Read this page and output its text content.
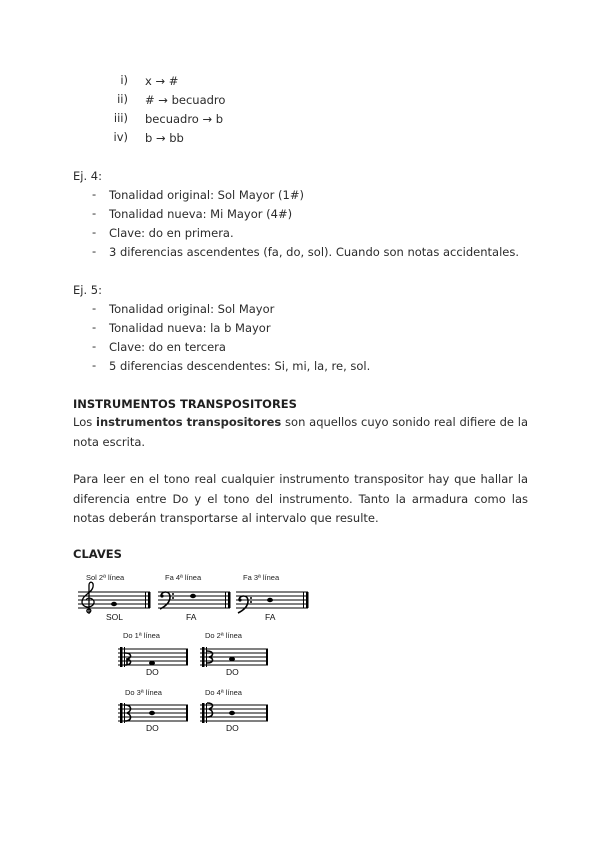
i) x → #
ii) # → becuadro
iii) becuadro → b
iv) b → bb
Ej. 4:
- Tonalidad original: Sol Mayor (1#)
- Tonalidad nueva: Mi Mayor (4#)
- Clave: do en primera.
- 3 diferencias ascendentes (fa, do, sol). Cuando son notas accidentales.
Ej. 5:
- Tonalidad original: Sol Mayor
- Tonalidad nueva: la b Mayor
- Clave: do en tercera
- 5 diferencias descendentes: Si, mi, la, re, sol.
INSTRUMENTOS TRANSPOSITORES
Los instrumentos transpositores son aquellos cuyo sonido real difiere de la nota escrita.
Para leer en el tono real cualquier instrumento transpositor hay que hallar la diferencia entre Do y el tono del instrumento. Tanto la armadura como las notas deberán transportarse al intervalo que resulte.
CLAVES
Sol 2ª línea	Fa 4ª línea	Fa 3ª línea
Do 1ª línea	Do 2ª línea
Do 3ª línea	Do 4ª línea
SOL	FA	FA
DO	DO
DO	DO
